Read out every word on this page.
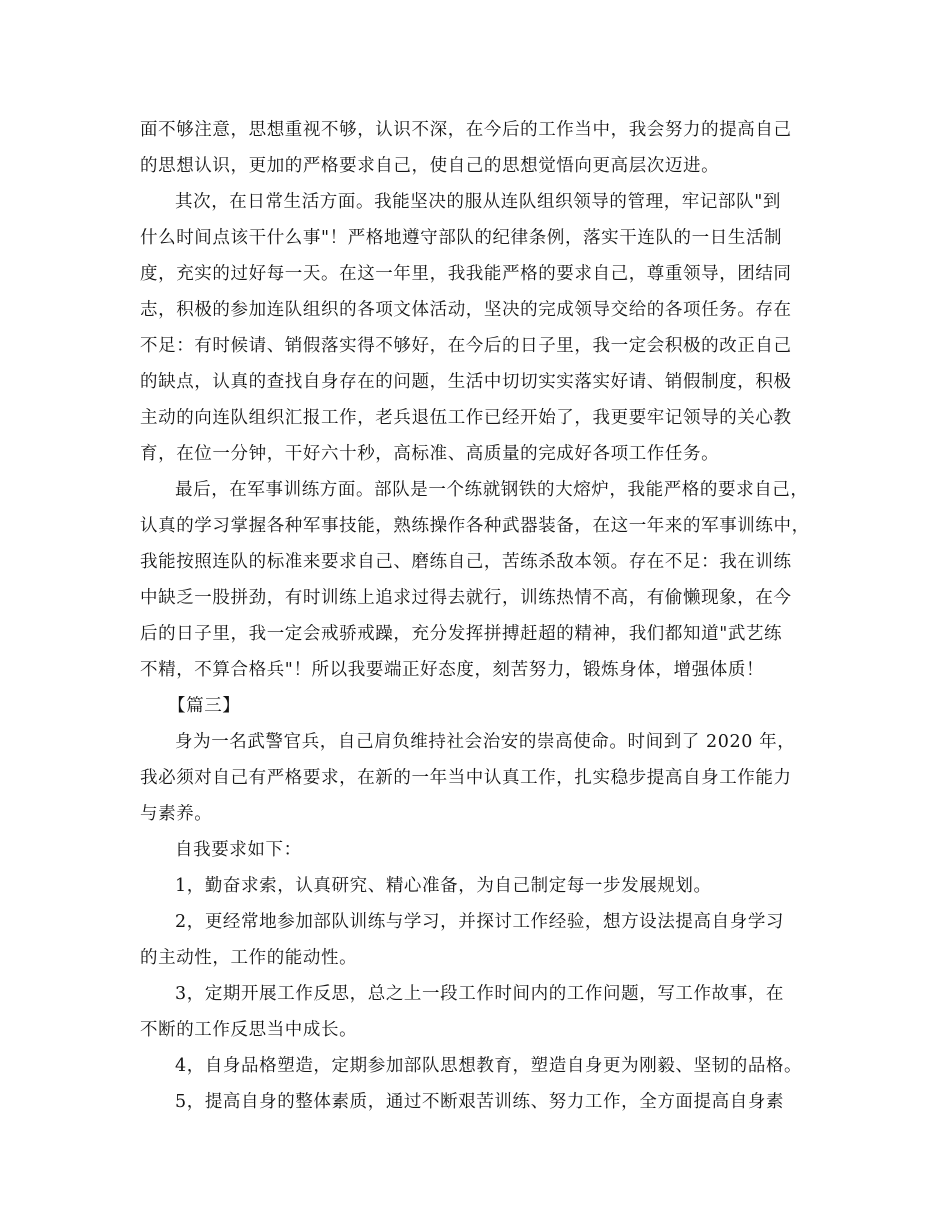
面不够注意，思想重视不够，认识不深，在今后的工作当中，我会努力的提高自己
的思想认识，更加的严格要求自己，使自己的思想觉悟向更高层次迈进。
其次，在日常生活方面。我能坚决的服从连队组织领导的管理，牢记部队"到
什么时间点该干什么事"！严格地遵守部队的纪律条例，落实干连队的一日生活制
度，充实的过好每一天。在这一年里，我我能严格的要求自己，尊重领导，团结同
志，积极的参加连队组织的各项文体活动，坚决的完成领导交给的各项任务。存在
不足：有时候请、销假落实得不够好，在今后的日子里，我一定会积极的改正自己
的缺点，认真的查找自身存在的问题，生活中切切实实落实好请、销假制度，积极
主动的向连队组织汇报工作，老兵退伍工作已经开始了，我更要牢记领导的关心教
育，在位一分钟，干好六十秒，高标准、高质量的完成好各项工作任务。
最后，在军事训练方面。部队是一个练就钢铁的大熔炉，我能严格的要求自己，
认真的学习掌握各种军事技能，熟练操作各种武器装备，在这一年来的军事训练中，
我能按照连队的标准来要求自己、磨练自己，苦练杀敌本领。存在不足：我在训练
中缺乏一股拼劲，有时训练上追求过得去就行，训练热情不高，有偷懒现象，在今
后的日子里，我一定会戒骄戒躁，充分发挥拼搏赶超的精神，我们都知道"武艺练
不精，不算合格兵"！所以我要端正好态度，刻苦努力，锻炼身体，增强体质！
【篇三】
身为一名武警官兵，自己肩负维持社会治安的崇高使命。时间到了 2020 年，
我必须对自己有严格要求，在新的一年当中认真工作，扎实稳步提高自身工作能力
与素养。
自我要求如下：
1，勤奋求索，认真研究、精心准备，为自己制定每一步发展规划。
2，更经常地参加部队训练与学习，并探讨工作经验，想方设法提高自身学习
的主动性，工作的能动性。
3，定期开展工作反思，总之上一段工作时间内的工作问题，写工作故事，在
不断的工作反思当中成长。
4，自身品格塑造，定期参加部队思想教育，塑造自身更为刚毅、坚韧的品格。
5，提高自身的整体素质，通过不断艰苦训练、努力工作，全方面提高自身素
